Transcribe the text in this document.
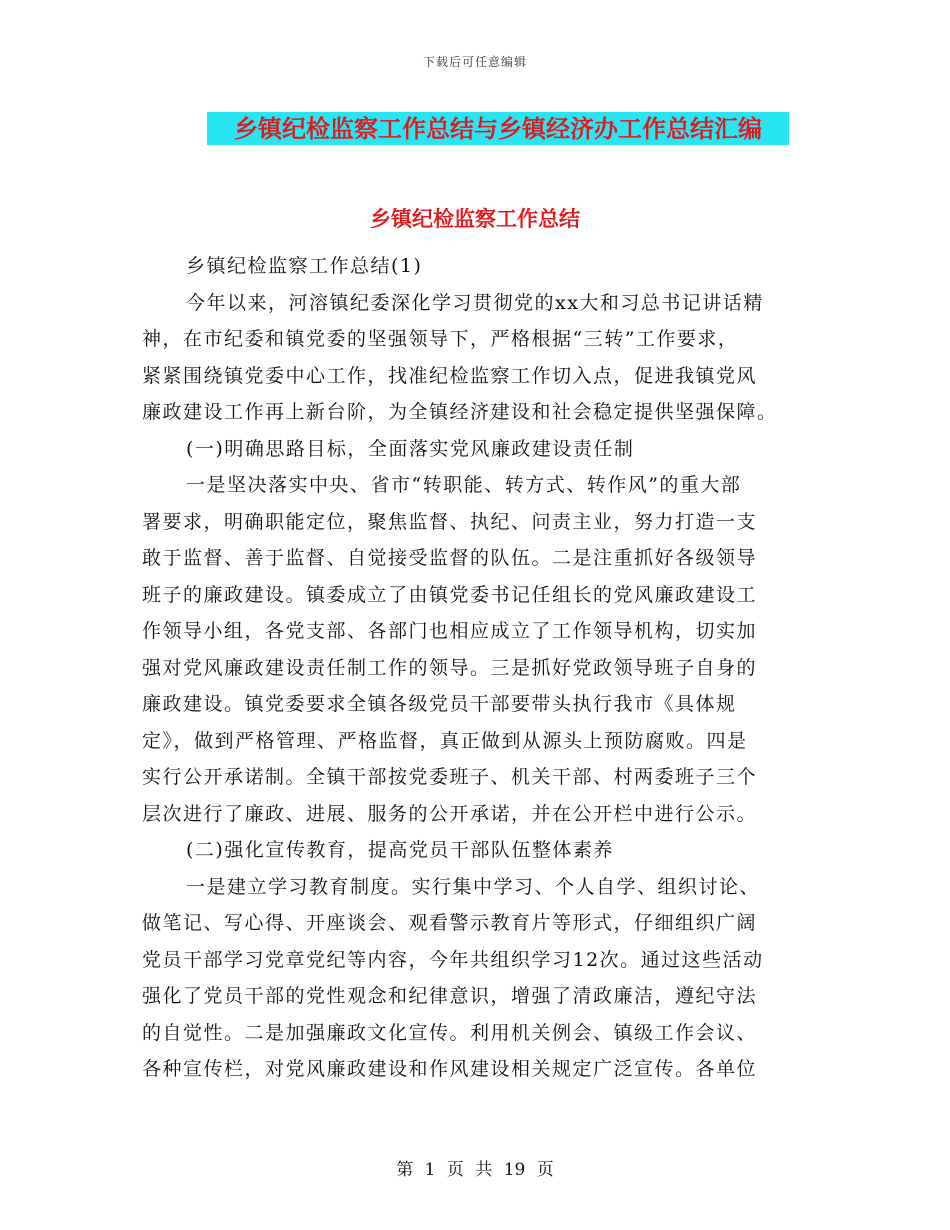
下载后可任意编辑
乡镇纪检监察工作总结与乡镇经济办工作总结汇编
乡镇纪检监察工作总结
乡镇纪检监察工作总结(1)
今年以来，河溶镇纪委深化学习贯彻党的xx大和习总书记讲话精
神，在市纪委和镇党委的坚强领导下，严格根据“三转”工作要求，
紧紧围绕镇党委中心工作，找准纪检监察工作切入点，促进我镇党风
廉政建设工作再上新台阶，为全镇经济建设和社会稳定提供坚强保障。
(一)明确思路目标，全面落实党风廉政建设责任制
一是坚决落实中央、省市“转职能、转方式、转作风”的重大部
署要求，明确职能定位，聚焦监督、执纪、问责主业，努力打造一支
敢于监督、善于监督、自觉接受监督的队伍。二是注重抓好各级领导
班子的廉政建设。镇委成立了由镇党委书记任组长的党风廉政建设工
作领导小组，各党支部、各部门也相应成立了工作领导机构，切实加
强对党风廉政建设责任制工作的领导。三是抓好党政领导班子自身的
廉政建设。镇党委要求全镇各级党员干部要带头执行我市《具体规
定》，做到严格管理、严格监督，真正做到从源头上预防腐败。四是
实行公开承诺制。全镇干部按党委班子、机关干部、村两委班子三个
层次进行了廉政、进展、服务的公开承诺，并在公开栏中进行公示。
(二)强化宣传教育，提高党员干部队伍整体素养
一是建立学习教育制度。实行集中学习、个人自学、组织讨论、
做笔记、写心得、开座谈会、观看警示教育片等形式，仔细组织广阔
党员干部学习党章党纪等内容，今年共组织学习12次。通过这些活动
强化了党员干部的党性观念和纪律意识，增强了清政廉洁，遵纪守法
的自觉性。二是加强廉政文化宣传。利用机关例会、镇级工作会议、
各种宣传栏，对党风廉政建设和作风建设相关规定广泛宣传。各单位
第 1 页 共 19 页
